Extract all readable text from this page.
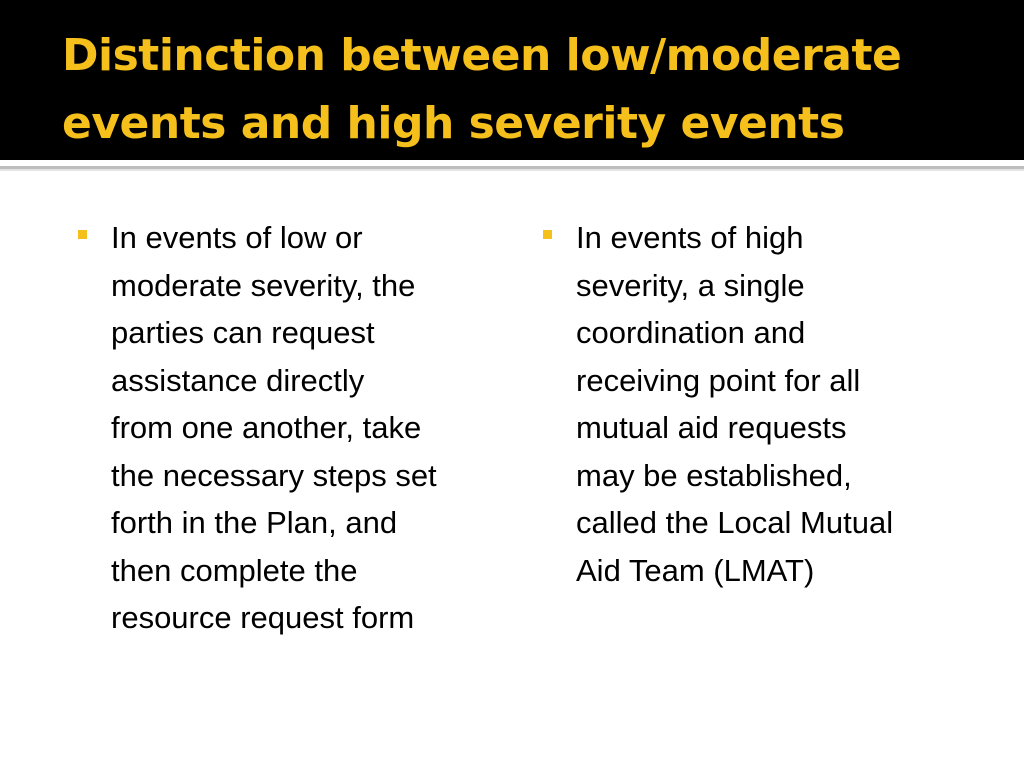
Distinction between low/moderate events and high severity events

In events of low or
moderate severity, the
parties can request
assistance directly
from one another, take
the necessary steps set
forth in the Plan, and
then complete the
resource request form

In events of high
severity, a single
coordination and
receiving point for all
mutual aid requests
may be established,
called the Local Mutual
Aid Team (LMAT)
